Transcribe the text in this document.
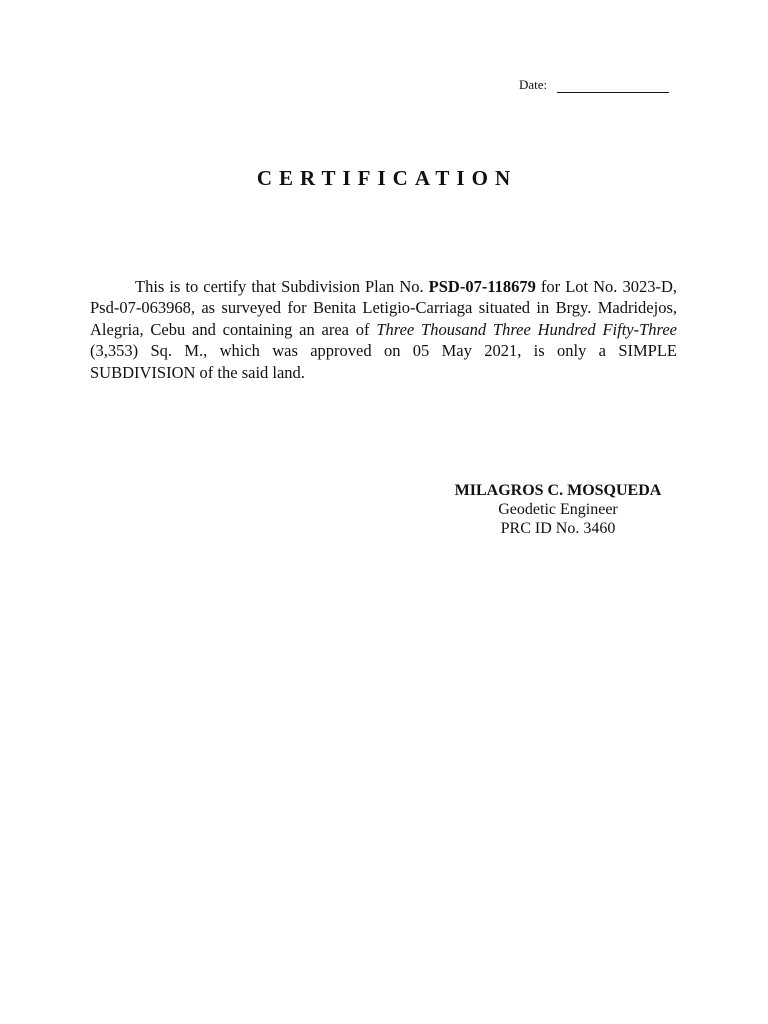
Date:
CERTIFICATION

This is to certify that Subdivision Plan No. PSD-07-118679 for Lot No. 3023-D, Psd-07-063968, as surveyed for Benita Letigio-Carriaga situated in Brgy. Madridejos, Alegria, Cebu and containing an area of Three Thousand Three Hundred Fifty-Three (3,353) Sq. M., which was approved on 05 May 2021, is only a SIMPLE SUBDIVISION of the said land.

MILAGROS C. MOSQUEDA
Geodetic Engineer
PRC ID No. 3460
